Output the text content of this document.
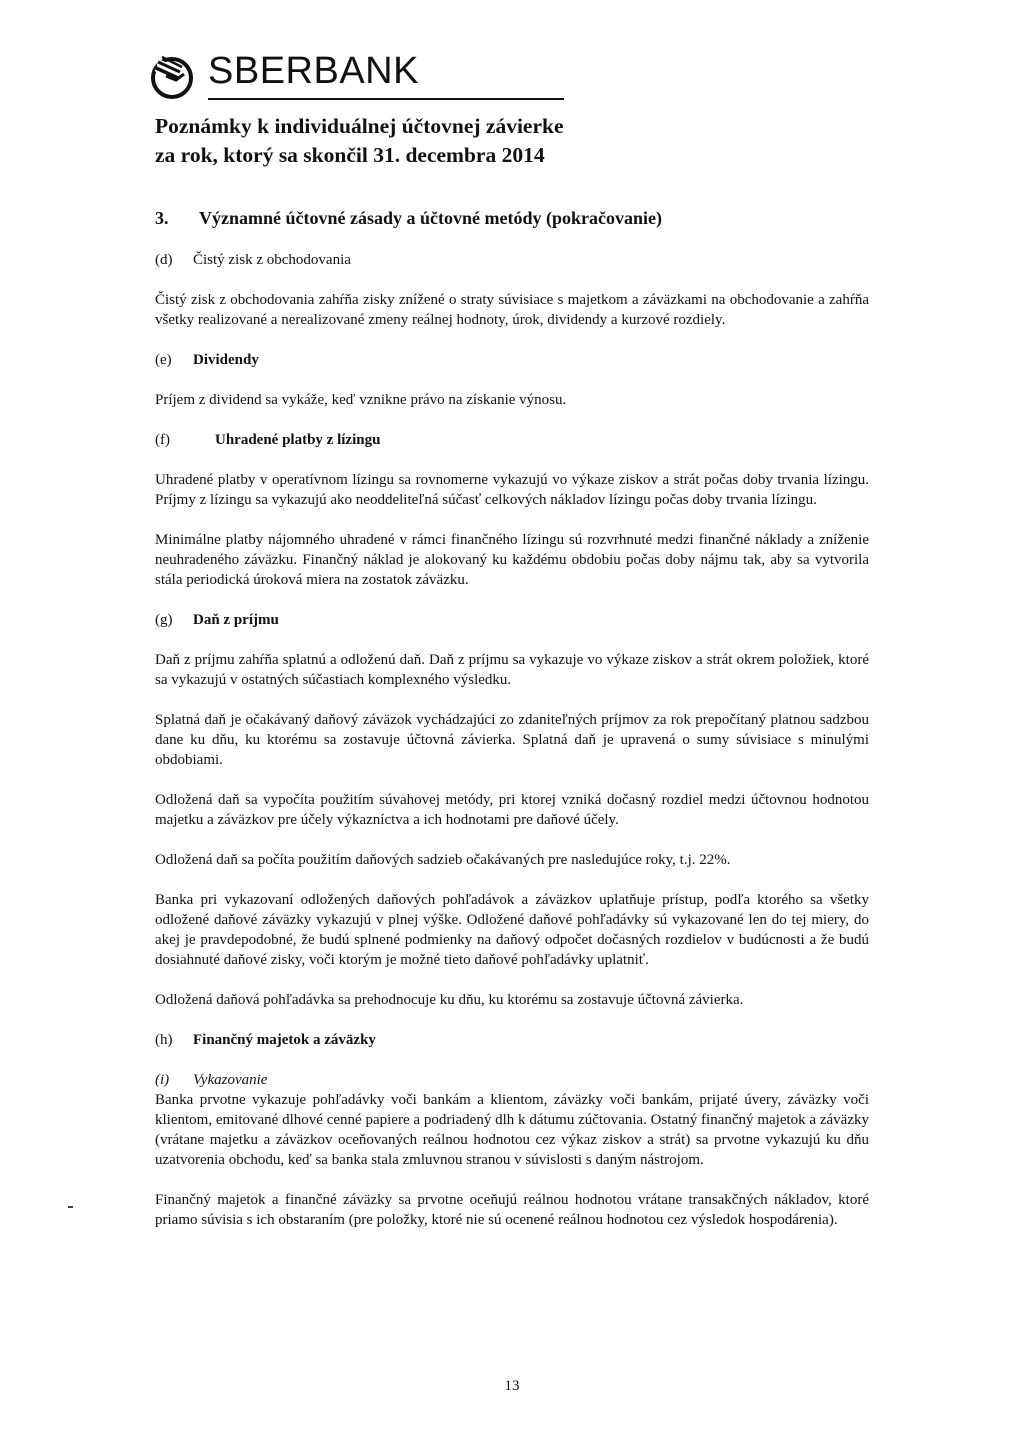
SBERBANK
Poznámky k individuálnej účtovnej závierke
za rok, ktorý sa skončil 31. decembra 2014
3. Významné účtovné zásady a účtovné metódy (pokračovanie)
(d) Čistý zisk z obchodovania

Čistý zisk z obchodovania zahŕňa zisky znížené o straty súvisiace s majetkom a záväzkami na obchodovanie a zahŕňa všetky realizované a nerealizované zmeny reálnej hodnoty, úrok, dividendy a kurzové rozdiely.

(e) Dividendy

Príjem z dividend sa vykáže, keď vznikne právo na získanie výnosu.

(f)	Uhradené platby z lízingu

Uhradené platby v operatívnom lízingu sa rovnomerne vykazujú vo výkaze ziskov a strát počas doby trvania lízingu. Príjmy z lízingu sa vykazujú ako neoddeliteľná súčasť celkových nákladov lízingu počas doby trvania lízingu.

Minimálne platby nájomného uhradené v rámci finančného lízingu sú rozvrhnuté medzi finančné náklady a zníženie neuhradeného záväzku. Finančný náklad je alokovaný ku každému obdobiu počas doby nájmu tak, aby sa vytvorila stála periodická úroková miera na zostatok záväzku.

(g) Daň z príjmu

Daň z príjmu zahŕňa splatnú a odloženú daň. Daň z príjmu sa vykazuje vo výkaze ziskov a strát okrem položiek, ktoré sa vykazujú v ostatných súčastiach komplexného výsledku.

Splatná daň je očakávaný daňový záväzok vychádzajúci zo zdaniteľných príjmov za rok prepočítaný platnou sadzbou dane ku dňu, ku ktorému sa zostavuje účtovná závierka. Splatná daň je upravená o sumy súvisiace s minulými obdobiami.

Odložená daň sa vypočíta použitím súvahovej metódy, pri ktorej vzniká dočasný rozdiel medzi účtovnou hodnotou majetku a záväzkov pre účely výkazníctva a ich hodnotami pre daňové účely.

Odložená daň sa počíta použitím daňových sadzieb očakávaných pre nasledujúce roky, t.j. 22%.

Banka pri vykazovaní odložených daňových pohľadávok a záväzkov uplatňuje prístup, podľa ktorého sa všetky odložené daňové záväzky vykazujú v plnej výške. Odložené daňové pohľadávky sú vykazované len do tej miery, do akej je pravdepodobné, že budú splnené podmienky na daňový odpočet dočasných rozdielov v budúcnosti a že budú dosiahnuté daňové zisky, voči ktorým je možné tieto daňové pohľadávky uplatniť.

Odložená daňová pohľadávka sa prehodnocuje ku dňu, ku ktorému sa zostavuje účtovná závierka.

(h) Finančný majetok a záväzky
(i) Vykazovanie

Banka prvotne vykazuje pohľadávky voči bankám a klientom, záväzky voči bankám, prijaté úvery, záväzky voči klientom, emitované dlhové cenné papiere a podriadený dlh k dátumu zúčtovania. Ostatný finančný majetok a záväzky (vrátane majetku a záväzkov oceňovaných reálnou hodnotou cez výkaz ziskov a strát) sa prvotne vykazujú ku dňu uzatvorenia obchodu, keď sa banka stala zmluvnou stranou v súvislosti s daným nástrojom.

Finančný majetok a finančné záväzky sa prvotne oceňujú reálnou hodnotou vrátane transakčných nákladov, ktoré priamo súvisia s ich obstaraním (pre položky, ktoré nie sú ocenené reálnou hodnotou cez výsledok hospodárenia).

13
